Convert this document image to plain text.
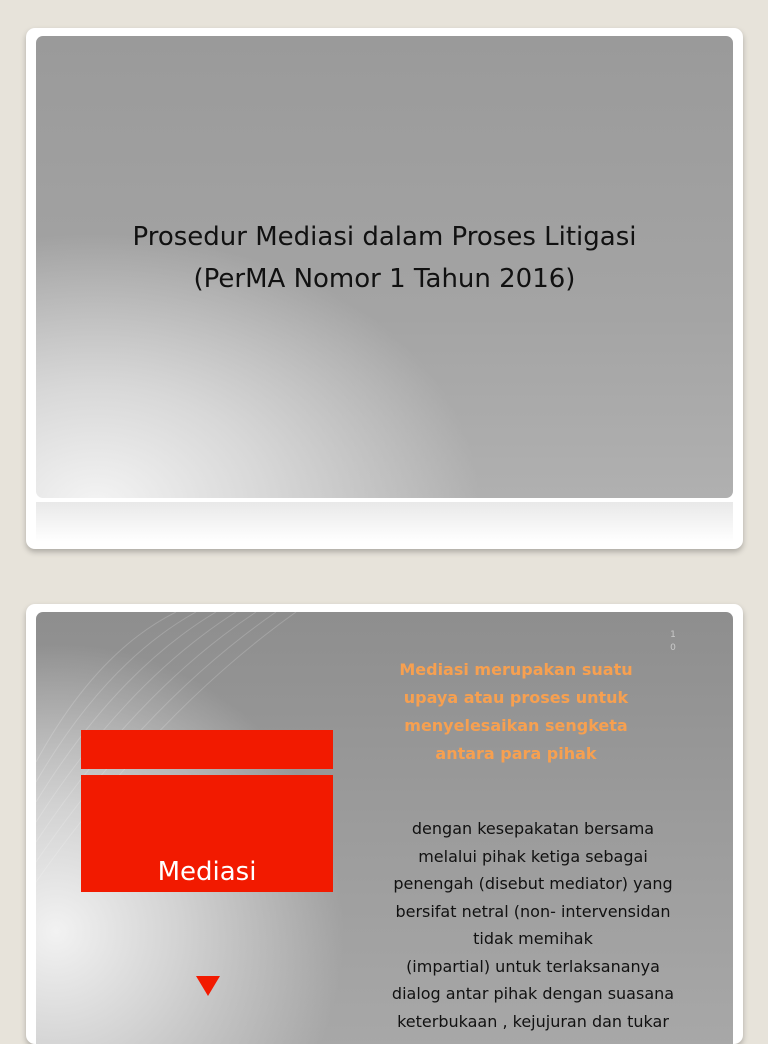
Prosedur Mediasi dalam Proses Litigasi
(PerMA Nomor 1 Tahun 2016)
1
0
Mediasi merupakan suatu
upaya atau proses untuk
menyelesaikan sengketa
antara para pihak
Mediasi
dengan kesepakatan bersama
melalui pihak ketiga sebagai
penengah (disebut mediator) yang
bersifat netral (non- intervensidan
tidak memihak
(impartial) untuk terlaksananya
dialog antar pihak dengan suasana
keterbukaan , kejujuran dan tukar
